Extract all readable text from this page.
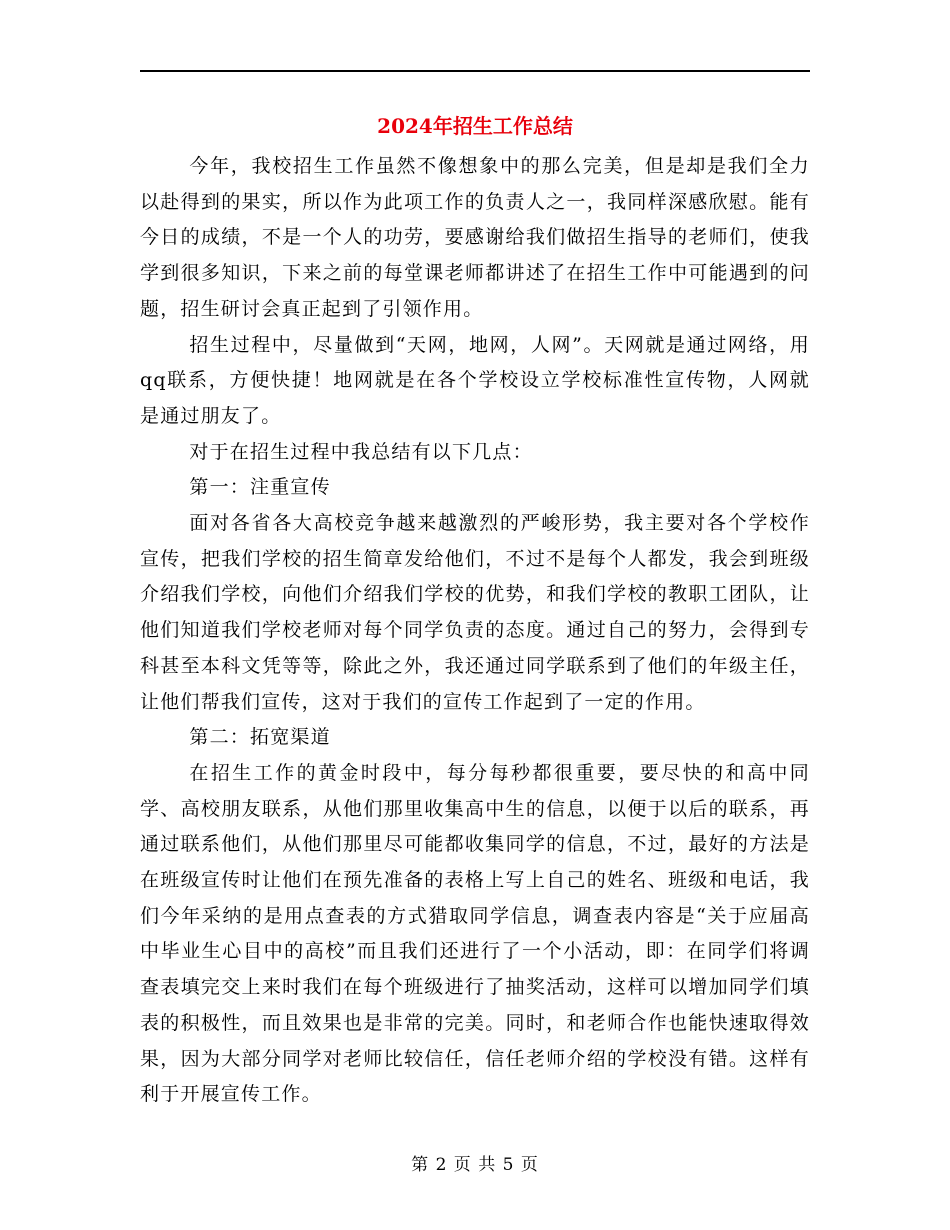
2024年招生工作总结

今年，我校招生工作虽然不像想象中的那么完美，但是却是我们全力以赴得到的果实，所以作为此项工作的负责人之一，我同样深感欣慰。能有今日的成绩，不是一个人的功劳，要感谢给我们做招生指导的老师们，使我学到很多知识，下来之前的每堂课老师都讲述了在招生工作中可能遇到的问题，招生研讨会真正起到了引领作用。

招生过程中，尽量做到“天网，地网，人网”。天网就是通过网络，用qq联系，方便快捷！地网就是在各个学校设立学校标准性宣传物，人网就是通过朋友了。

对于在招生过程中我总结有以下几点：

第一：注重宣传

面对各省各大高校竞争越来越激烈的严峻形势，我主要对各个学校作宣传，把我们学校的招生简章发给他们，不过不是每个人都发，我会到班级介绍我们学校，向他们介绍我们学校的优势，和我们学校的教职工团队，让他们知道我们学校老师对每个同学负责的态度。通过自己的努力，会得到专科甚至本科文凭等等，除此之外，我还通过同学联系到了他们的年级主任，让他们帮我们宣传，这对于我们的宣传工作起到了一定的作用。

第二：拓宽渠道

在招生工作的黄金时段中，每分每秒都很重要，要尽快的和高中同学、高校朋友联系，从他们那里收集高中生的信息，以便于以后的联系，再通过联系他们，从他们那里尽可能都收集同学的信息，不过，最好的方法是在班级宣传时让他们在预先准备的表格上写上自己的姓名、班级和电话，我们今年采纳的是用点查表的方式猎取同学信息，调查表内容是“关于应届高中毕业生心目中的高校”而且我们还进行了一个小活动，即：在同学们将调查表填完交上来时我们在每个班级进行了抽奖活动，这样可以增加同学们填表的积极性，而且效果也是非常的完美。同时，和老师合作也能快速取得效果，因为大部分同学对老师比较信任，信任老师介绍的学校没有错。这样有利于开展宣传工作。

第 2 页 共 5 页
